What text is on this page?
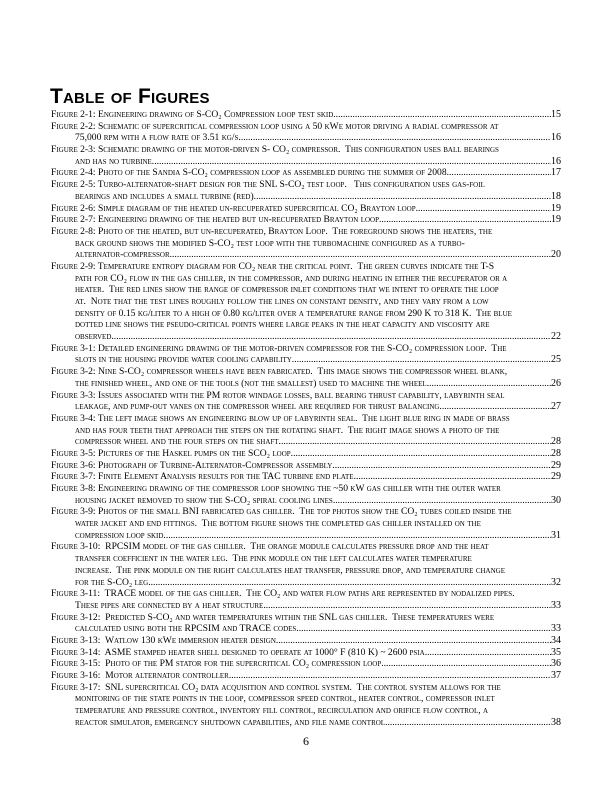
Table of Figures
Figure 2-1: Engineering drawing of S-CO₂ Compression loop test skid .....	15
Figure 2-2: Schematic of supercritical compression loop using a 50 kWe motor driving a radial compressor at
75,000 rpm with a flow rate of 3.51 kg/s. .....	16
Figure 2-3: Schematic drawing of the motor-driven S- CO₂ compressor.  This configuration uses ball bearings
and has no turbine. .....	16
Figure 2-4: Photo of the Sandia S-CO₂ compression loop as assembled during the summer of 2008. .....	17
Figure 2-5: Turbo-alternator-shaft design for the SNL S-CO₂ test loop.   This configuration uses gas-foil
bearings and includes a small turbine (red). .....	18
Figure 2-6: Simple diagram of the heated un-recuperated supercritical CO₂ Brayton loop. .....	19
Figure 2-7: Engineering drawing of the heated but un-recuperated Brayton loop. .....	19
Figure 2-8: Photo of the heated, but un-recuperated, Brayton Loop.  The foreground shows the heaters, the
back ground shows the modified S-CO₂ test loop with the turbomachine configured as a turbo-
alternator-compressor. .....	20
Figure 2-9: Temperature entropy diagram for CO₂ near the critical point.  The green curves indicate the T-S
path for CO₂ flow in the gas chiller, in the compressor, and during heating in either the recuperator or a
heater.  The red lines show the range of compressor inlet conditions that we intent to operate the loop
at.  Note that the test lines roughly follow the lines on constant density, and they vary from a low
density of 0.15 kg/liter to a high of 0.80 kg/liter over a temperature range from 290 K to 318 K.  The blue
dotted line shows the pseudo-critical points where large peaks in the heat capacity and viscosity are
observed. .....	22
Figure 3-1: Detailed engineering drawing of the motor-driven compressor for the S-CO₂ compression loop.  The
slots in the housing provide water cooling capability. .....	25
Figure 3-2: Nine S-CO₂ compressor wheels have been fabricated.  This image shows the compressor wheel blank,
the finished wheel, and one of the tools (not the smallest) used to machine the wheel. .....	26
Figure 3-3: Issues associated with the PM rotor windage losses, ball bearing thrust capability, labyrinth seal
leakage, and pump-out vanes on the compressor wheel are required for thrust balancing. .....	27
Figure 3-4: The left image shows an engineering blow up of labyrinth seal.  The light blue ring in made of brass
and has four teeth that approach the steps on the rotating shaft.  The right image shows a photo of the
compressor wheel and the four steps on the shaft. .....	28
Figure 3-5: Pictures of the Haskel pumps on the SCO₂ loop. .....	28
Figure 3-6: Photograph of Turbine-Alternator-Compressor assembly .....	29
Figure 3-7: Finite Element Analysis results for the TAC turbine end plate .....	29
Figure 3-8: Engineering drawing of the compressor loop showing the ~50 kW gas chiller with the outer water
housing jacket removed to show the S-CO₂ spiral cooling lines. .....	30
Figure 3-9: Photos of the small BNI fabricated gas chiller.  The top photos show the CO₂ tubes coiled inside the
water jacket and end fittings.  The bottom figure shows the completed gas chiller installed on the
compression loop skid. .....	31
Figure 3-10:  RPCSIM model of the gas chiller.  The orange module calculates pressure drop and the heat
transfer coefficient in the water leg.  The pink module on the left calculates water temperature
increase.  The pink module on the right calculates heat transfer, pressure drop, and temperature change
for the S-CO₂ leg. .....	32
Figure 3-11:  TRACE model of the gas chiller.  The CO₂ and water flow paths are represented by nodalized pipes.
These pipes are connected by a heat structure. .....	33
Figure 3-12:  Predicted S-CO₂ and water temperatures within the SNL gas chiller.  These temperatures were
calculated using both the RPCSIM and TRACE codes. .....	33
Figure 3-13:  Watlow 130 kWe immersion heater design. .....	34
Figure 3-14:  ASME stamped heater shell designed to operate at 1000° F (810 K) ~ 2600 psia. .....	35
Figure 3-15:  Photo of the PM stator for the supercritical CO₂ compression loop. .....	36
Figure 3-16:  Motor alternator controller. .....	37
Figure 3-17:  SNL supercritical CO₂ data acquisition and control system.  The control system allows for the
monitoring of the state points in the loop, compressor speed control, heater control, compressor inlet
temperature and pressure control, inventory fill control, recirculation and orifice flow control, a
reactor simulator, emergency shutdown capabilities, and file name control. .....	38
6
